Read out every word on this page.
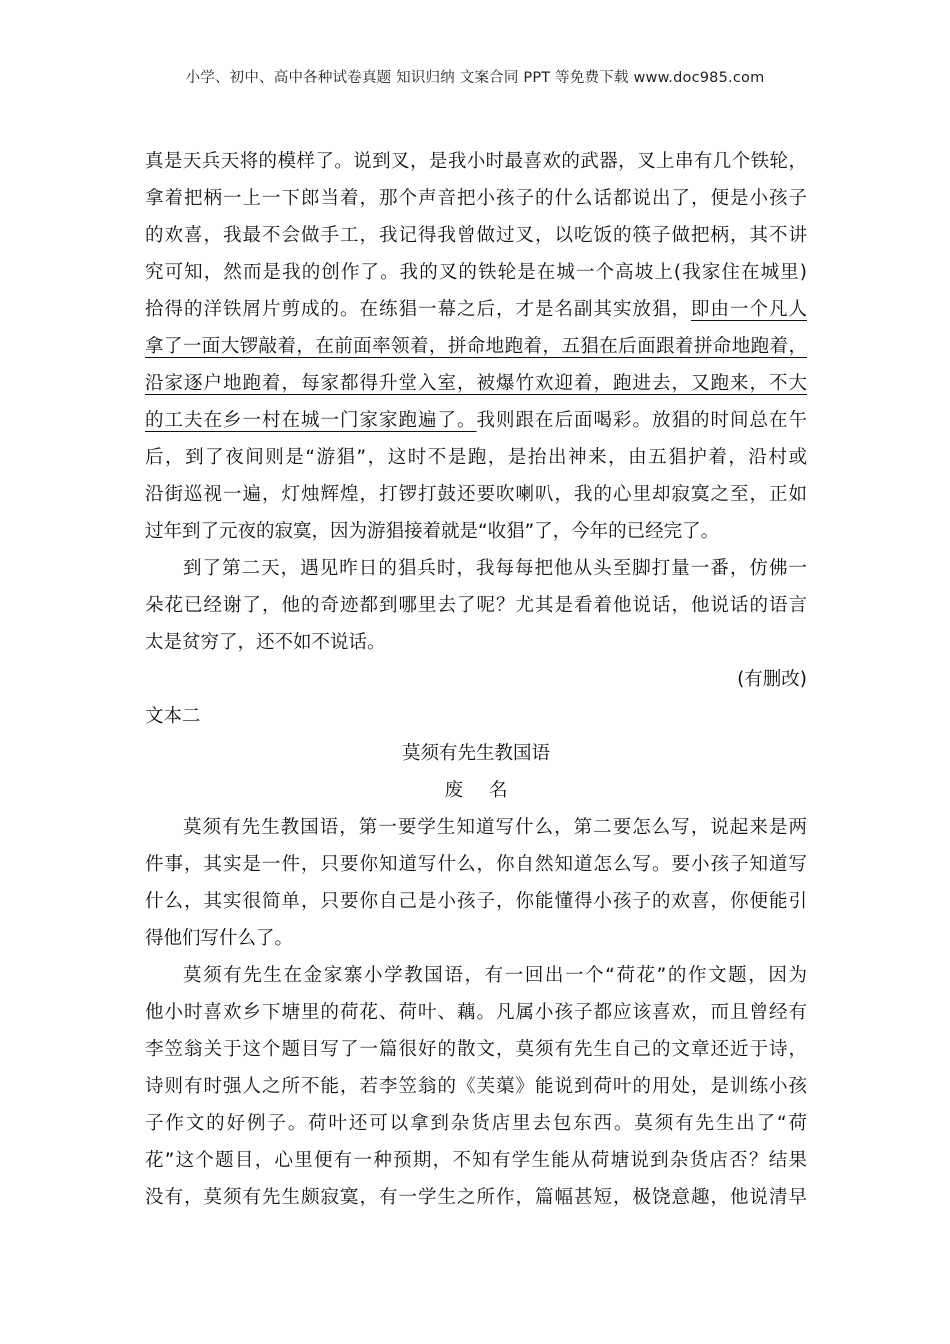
小学、初中、高中各种试卷真题 知识归纳 文案合同 PPT 等免费下载 www.doc985.com
真是天兵天将的模样了。说到叉，是我小时最喜欢的武器，叉上串有几个铁轮，
拿着把柄一上一下郎当着，那个声音把小孩子的什么话都说出了，便是小孩子
的欢喜，我最不会做手工，我记得我曾做过叉，以吃饭的筷子做把柄，其不讲
究可知，然而是我的创作了。我的叉的铁轮是在城一个高坡上(我家住在城里)
拾得的洋铁屑片剪成的。在练猖一幕之后，才是名副其实放猖，即由一个凡人
拿了一面大锣敲着，在前面率领着，拼命地跑着，五猖在后面跟着拼命地跑着，
沿家逐户地跑着，每家都得升堂入室，被爆竹欢迎着，跑进去，又跑来，不大
的工夫在乡一村在城一门家家跑遍了。我则跟在后面喝彩。放猖的时间总在午
后，到了夜间则是“游猖”，这时不是跑，是抬出神来，由五猖护着，沿村或
沿街巡视一遍，灯烛辉煌，打锣打鼓还要吹喇叭，我的心里却寂寞之至，正如
过年到了元夜的寂寞，因为游猖接着就是“收猖”了，今年的已经完了。
到了第二天，遇见昨日的猖兵时，我每每把他从头至脚打量一番，仿佛一
朵花已经谢了，他的奇迹都到哪里去了呢？尤其是看着他说话，他说话的语言
太是贫穷了，还不如不说话。
(有删改)
文本二
莫须有先生教国语
废名
莫须有先生教国语，第一要学生知道写什么，第二要怎么写，说起来是两
件事，其实是一件，只要你知道写什么，你自然知道怎么写。要小孩子知道写
什么，其实很简单，只要你自己是小孩子，你能懂得小孩子的欢喜，你便能引
得他们写什么了。
莫须有先生在金家寨小学教国语，有一回出一个“荷花”的作文题，因为
他小时喜欢乡下塘里的荷花、荷叶、藕。凡属小孩子都应该喜欢，而且曾经有
李笠翁关于这个题目写了一篇很好的散文，莫须有先生自己的文章还近于诗，
诗则有时强人之所不能，若李笠翁的《芙蕖》能说到荷叶的用处，是训练小孩
子作文的好例子。荷叶还可以拿到杂货店里去包东西。莫须有先生出了“荷
花”这个题目，心里便有一种预期，不知有学生能从荷塘说到杂货店否？结果
没有，莫须有先生颇寂寞，有一学生之所作，篇幅甚短，极饶意趣，他说清早
